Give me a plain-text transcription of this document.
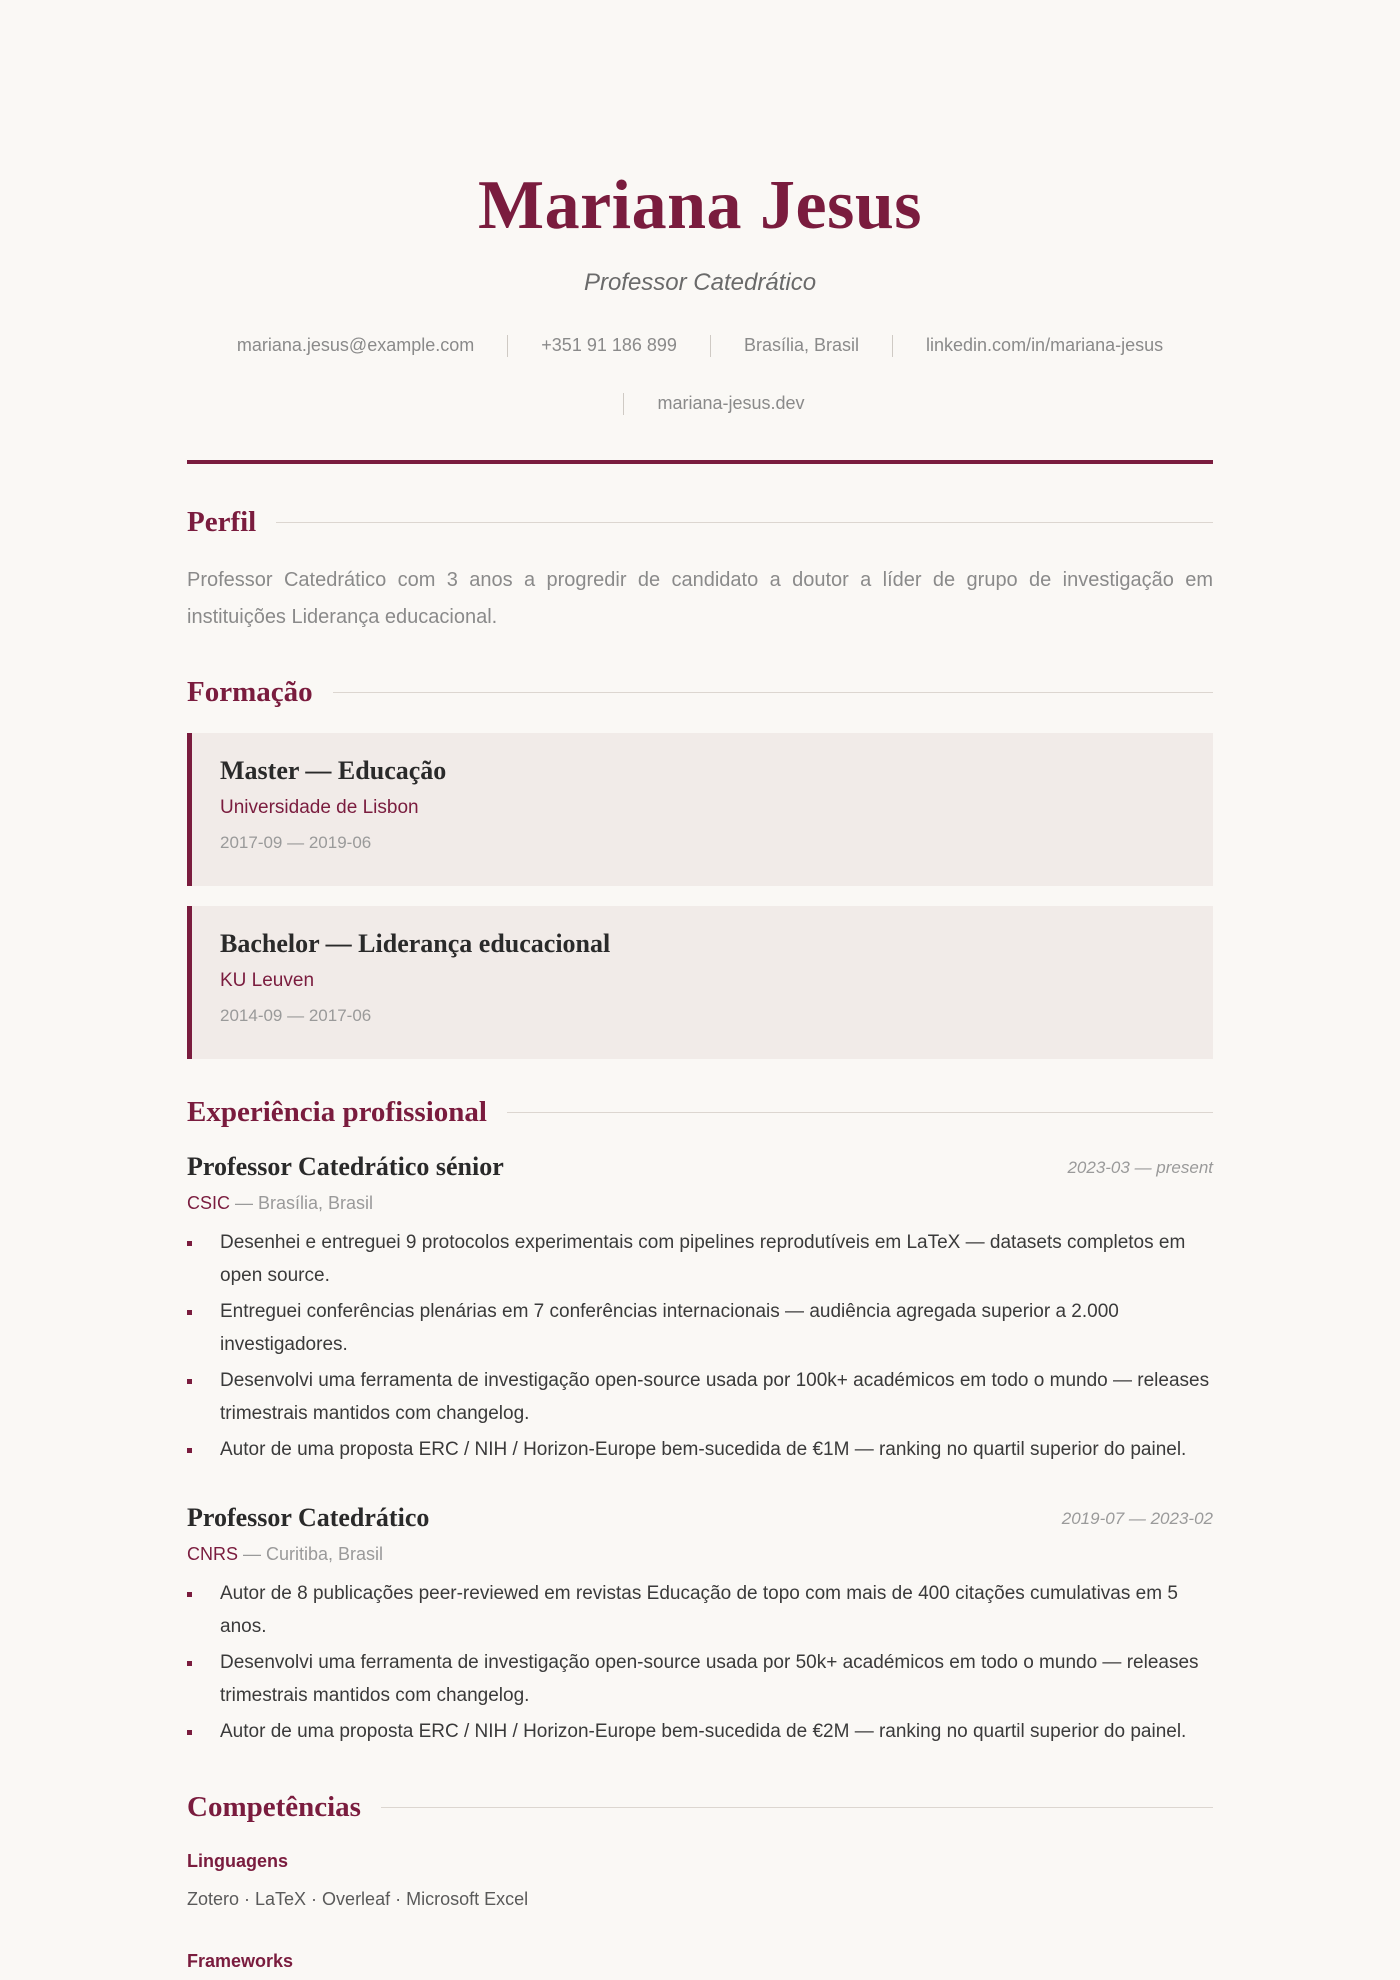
Mariana Jesus
Professor Catedrático
mariana.jesus@example.com	+351 91 186 899	Brasília, Brasil	linkedin.com/in/mariana-jesus
mariana-jesus.dev
Perfil
Professor Catedrático com 3 anos a progredir de candidato a doutor a líder de grupo de investigação em instituições Liderança educacional.
Formação
Master — Educação
Universidade de Lisbon
2017-09 — 2019-06
Bachelor — Liderança educacional
KU Leuven
2014-09 — 2017-06
Experiência profissional
Professor Catedrático sénior	2023-03 — present
CSIC — Brasília, Brasil
Desenhei e entreguei 9 protocolos experimentais com pipelines reprodutíveis em LaTeX — datasets completos em open source.
Entreguei conferências plenárias em 7 conferências internacionais — audiência agregada superior a 2.000 investigadores.
Desenvolvi uma ferramenta de investigação open-source usada por 100k+ académicos em todo o mundo — releases trimestrais mantidos com changelog.
Autor de uma proposta ERC / NIH / Horizon-Europe bem-sucedida de €1M — ranking no quartil superior do painel.
Professor Catedrático	2019-07 — 2023-02
CNRS — Curitiba, Brasil
Autor de 8 publicações peer-reviewed em revistas Educação de topo com mais de 400 citações cumulativas em 5 anos.
Desenvolvi uma ferramenta de investigação open-source usada por 50k+ académicos em todo o mundo — releases trimestrais mantidos com changelog.
Autor de uma proposta ERC / NIH / Horizon-Europe bem-sucedida de €2M — ranking no quartil superior do painel.
Competências
Linguagens
Zotero · LaTeX · Overleaf · Microsoft Excel
Frameworks
